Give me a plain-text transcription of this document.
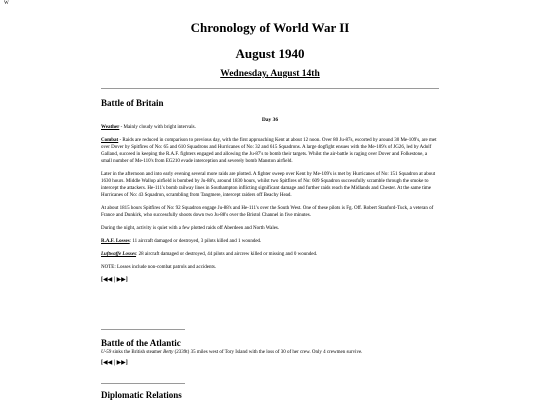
W
Chronology of World War II
August 1940
Wednesday, August 14th
Battle of Britain

Day 36

Weather - Mainly cloudy with bright intervals.

Combat - Raids are reduced in comparison to previous day, with the first approaching Kent at about 12 noon. Over 80 Ju-87s, escorted by around 30 Me-109's, are met over Dover by Spitfires of No: 65 and 610 Squadrons and Hurricanes of No: 32 and 615 Squadrons. A large dogfight ensues with the Me-109's of JG26, led by Adolf Galland, succeed in keeping the R.A.F. fighters engaged and allowing the Ju-87's to bomb their targets. Whilst the air-battle is raging over Dover and Folkestone, a small number of Me-110's from EG210 evade interception and severely bomb Manston airfield.

Later in the afternoon and into early evening several more raids are plotted. A fighter sweep over Kent by Me-109's is met by Hurricanes of No: 151 Squadron at about 1630 hours. Middle Wallop airfield is bombed by Ju-88's, around 1830 hours, whilst two Spitfires of No: 609 Squadron successfully scramble through the smoke to intercept the attackers. He-111's bomb railway lines in Southampton inflicting significant damage and further raids reach the Midlands and Chester. At the same time Hurricanes of No: 43 Squadron, scrambling from Tangmere, intercept raiders off Beachy Head.

At about 1815 hours Spitfires of No: 92 Squadron engage Ju-88's and He-111's over the South West. One of these pilots is Fg. Off. Robert Stanford-Tuck, a veteran of France and Dunkirk, who successfully shoots down two Ju-88's over the Bristol Channel in five minutes.

During the night, activity is quiet with a few plotted raids off Aberdeen and North Wales.

R.A.F. Losses: 11 aircraft damaged or destroyed, 3 pilots killed and 1 wounded.

Luftwaffe Losses: 28 aircraft damaged or destroyed, 44 pilots and aircrew killed or missing and 0 wounded.

NOTE: Losses include non-combat patrols and accidents.

[◀◀ | ▶▶]
Battle of the Atlantic

U-59 sinks the British steamer Betty (2339t) 35 miles west of Tory Island with the loss of 30 of her crew. Only 4 crewmen survive.

[◀◀ | ▶▶]
Diplomatic Relations
